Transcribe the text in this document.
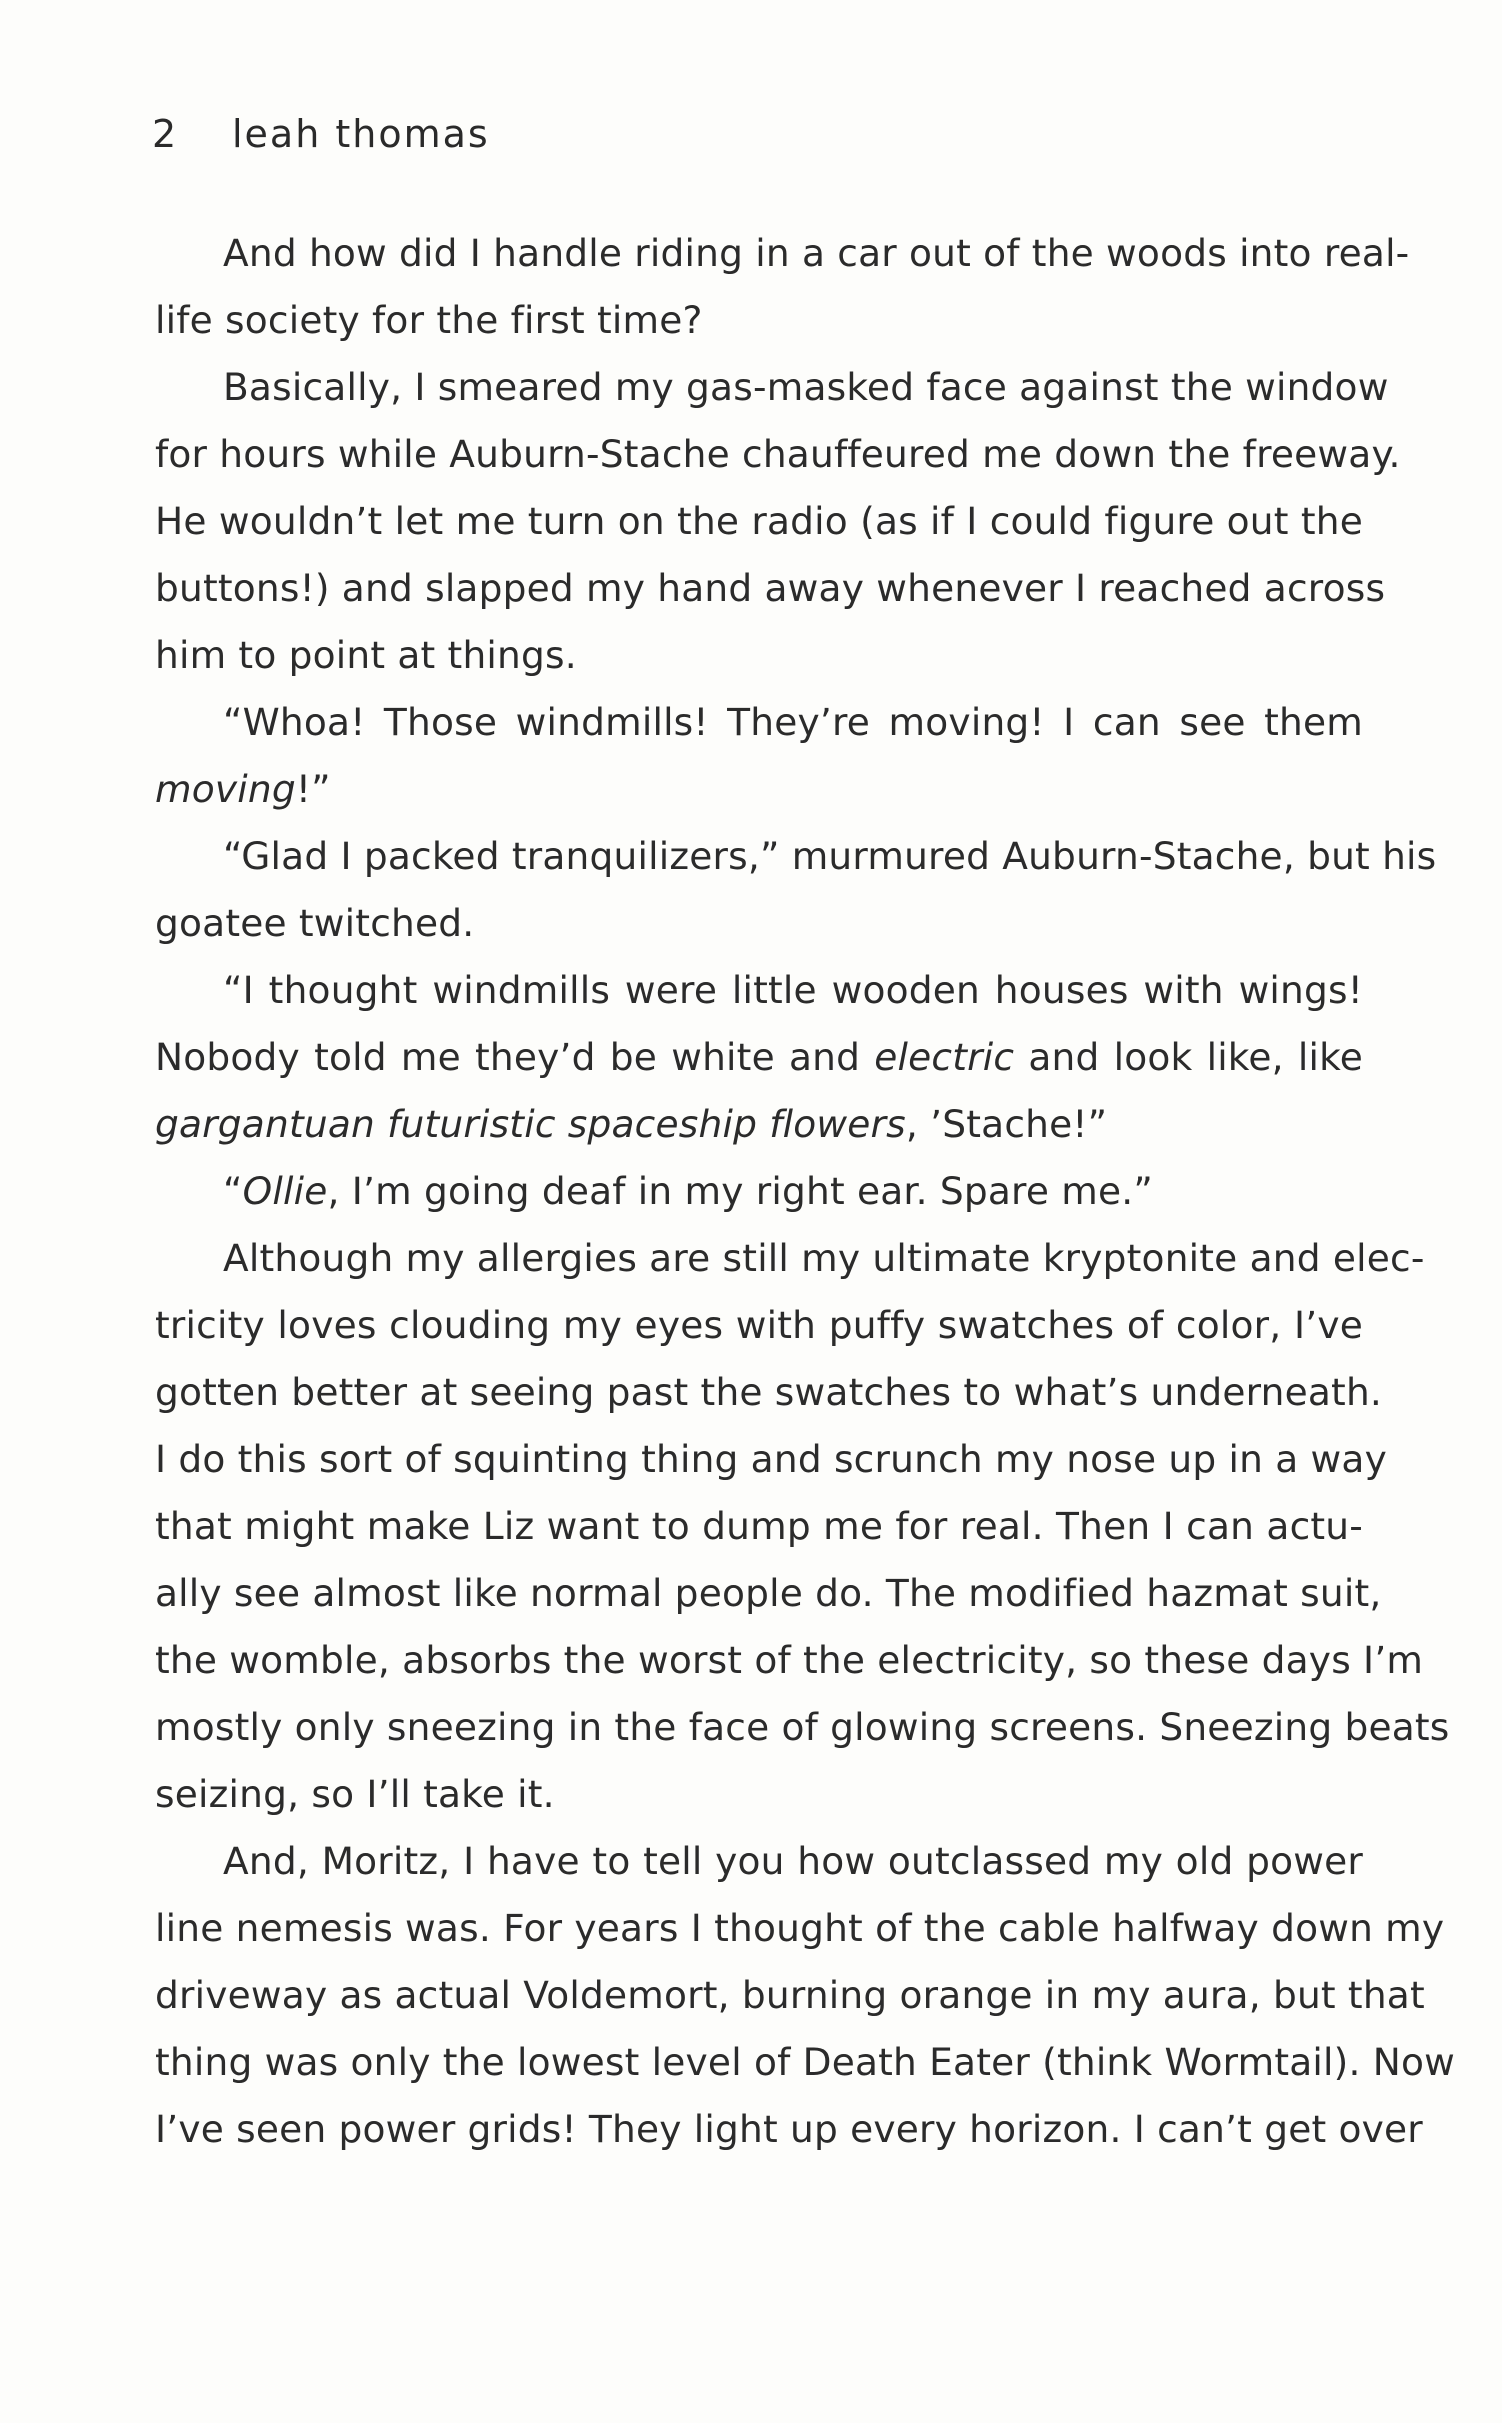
2 leah thomas
And how did I handle riding in a car out of the woods into real-
life society for the first time?
Basically, I smeared my gas-masked face against the window
for hours while Auburn-Stache chauffeured me down the freeway.
He wouldn’t let me turn on the radio (as if I could figure out the
buttons!) and slapped my hand away whenever I reached across
him to point at things.
“Whoa! Those windmills! They’re moving! I can see them
moving!”
“Glad I packed tranquilizers,” murmured Auburn-Stache, but his
goatee twitched.
“I thought windmills were little wooden houses with wings!
Nobody told me they’d be white and electric and look like, like
gargantuan futuristic spaceship flowers, ’Stache!”
“Ollie, I’m going deaf in my right ear. Spare me.”
Although my allergies are still my ultimate kryptonite and elec-
tricity loves clouding my eyes with puffy swatches of color, I’ve
gotten better at seeing past the swatches to what’s underneath.
I do this sort of squinting thing and scrunch my nose up in a way
that might make Liz want to dump me for real. Then I can actu-
ally see almost like normal people do. The modified hazmat suit,
the womble, absorbs the worst of the electricity, so these days I’m
mostly only sneezing in the face of glowing screens. Sneezing beats
seizing, so I’ll take it.
And, Moritz, I have to tell you how outclassed my old power
line nemesis was. For years I thought of the cable halfway down my
driveway as actual Voldemort, burning orange in my aura, but that
thing was only the lowest level of Death Eater (think Wormtail). Now
I’ve seen power grids! They light up every horizon. I can’t get over
